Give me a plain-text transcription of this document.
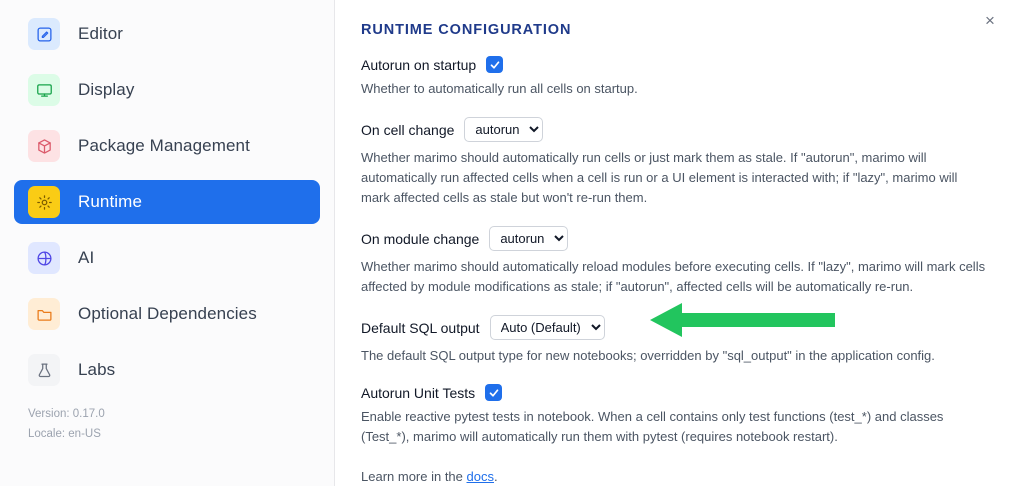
Editor
Display
Package Management
Runtime
AI
Optional Dependencies
Labs
Version: 0.17.0
Locale: en-US
×
RUNTIME CONFIGURATION
Autorun on startup

Whether to automatically run all cells on startup.

On cell change
autorun

Whether marimo should automatically run cells or just mark them as stale. If "autorun", marimo will automatically run affected cells when a cell is run or a UI element is interacted with; if "lazy", marimo will mark affected cells as stale but won't re-run them.

On module change
autorun

Whether marimo should automatically reload modules before executing cells. If "lazy", marimo will mark cells affected by module modifications as stale; if "autorun", affected cells will be automatically re-run.

Default SQL output
Auto (Default)

The default SQL output type for new notebooks; overridden by "sql_output" in the application config.

Autorun Unit Tests

Enable reactive pytest tests in notebook. When a cell contains only test functions (test_*) and classes (Test_*), marimo will automatically run them with pytest (requires notebook restart).

Learn more in the docs.
